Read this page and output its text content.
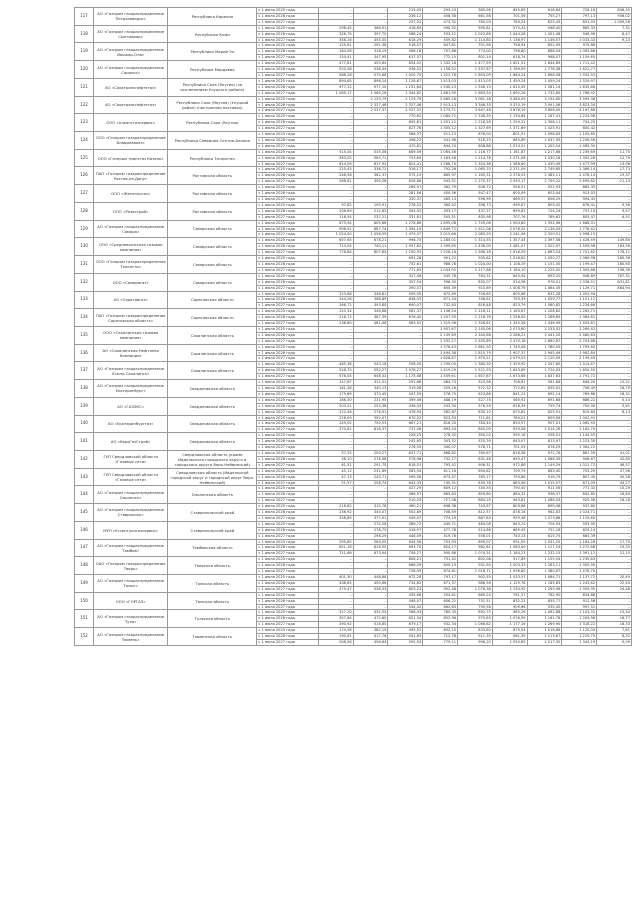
117	АО «Газпром газораспределение Петрозаводск»	Республика Карелия	с 1 июля 2025 года	–	–	215,05	293,23	385,96	645,85	616,64	728,16	836,30
			с 1 июля 2026 года	–	–	236,12	458,58	661,56	701,56	755,27	797,13	956,02
			с 1 июля 2027 года	–	–	257,52	473,32	780,03	789,24	825,43	831,03	1 009,26
118	АО «Газпром газораспределение Сыктывкар»	Республика Коми	с 1 июля 2025 года	298,45	368,91	418,89	490,52	595,81	575,43	948,40	865,33	7,31
			с 1 июля 2026 года	326,75	397,70	568,24	533,12	1 022,88	1 044,28	1 001,48	948,06	8,47
			с 1 июля 2027 года	358,16	455,50	618,29	559,82	1 114,80	1 136,97	1 146,57	1 033,33	9,23
119	АО «Газпром газораспределение Йошкар-Ола»	Республика Марий Эл	с 1 июля 2025 года	125,61	291,38	518,57	647,81	701,96	758,94	852,99	975,86	–
			с 1 июля 2026 года	184,06	318,19	566,18	707,86	773,00	796,80	888,04	1 063,86	–
			с 1 июля 2027 года	154,41	347,95	617,37	772,15	801,14	818,74	968,07	1 159,65	–
120	АО «Газпром газораспределение Саранск»	Республика Мордовия	с 1 июля 2025 года	477,81	455,64	854,02	1 342,16	1 477,59	1 621,51	1 644,89	1 711,42	–
			с 1 июля 2026 года	520,28	538,44	936,52	1 156,52	1 537,87	1 769,59	1 778,38	1 822,77	–
			с 1 июля 2027 года	568,28	570,66	1 020,79	1 322,78	1 694,09	1 864,24	1 898,58	1 932,55	–
121	АО «Сахатранснефтегаз»	Республика Саха (Якутия) (за исключением Улуцкого района)	с 1 июля 2025 года	894,65	896,14	1 128,67	1 413,03	1 413,03	1 459,24	1 459,24	1 529,97	–
			с 1 июля 2026 года	977,22	977,10	1 231,64	1 540,23	1 546,15	1 615,45	1 581,14	1 635,66	–
			с 1 июля 2027 года	1 065,17	1 065,26	1 344,62	1 681,90	1 663,54	1 692,26	1 732,60	1 788,92	–
122	АО «Сахатранснефтегаз»	Республика Саха (Якутия) (Улуцкий район) (постоянная поставка)	с 1 июля 2025 года	–	2 129,79	2 129,79	2 665,26	3 061,18	3 084,09	3 194,60	3 599,36	–
			с 1 июля 2026 года	–	2 327,46	2 327,46	2 913,13	3 346,33	3 370,19	3 491,06	3 823,34	–
			с 1 июля 2027 года	–	2 537,37	2 537,37	3 175,71	3 647,48	3 676,19	3 806,00	4 167,88	–
123	ООО «Альянсгазсервис»	Республика Саха (Якутия)	с 1 июля 2025 года	–	–	770,62	1 084,72	1 148,39	1 134,64	1 167,41	1 224,98	–
			с 1 июля 2026 года	–	–	805,81	1 201,12	1 218,28	1 259,31	1 308,11	734,25	–
			с 1 июля 2027 года	–	–	827,78	1 305,12	1 327,69	1 371,89	1 425,91	800,42	–
124	ООО «Газпром газораспределение Владикавказ»	Республика Северная Осетия-Алания	с 1 июля 2025 года	–	–	566,37	511,13	676,04	801,91	1 098,63	1 105,85	–
			с 1 июля 2026 года	–	–	396,22	541,98	516,53	885,89	1 037,95	1 206,56	–
			с 1 июля 2027 года	–	–	470,81	644,74	808,88	1 074,51	1 205,54	1 465,30	–
125	ООО «Газпром трансгаз Казань»	Республика Татарстан	с 1 июля 2025 года	515,04	535,36	689,49	1 064,36	1 116,77	1 161,87	1 217,86	1 239,69	11,70
			с 1 июля 2026 года	563,02	565,71	753,69	1 163,46	1 214,78	1 271,98	1 330,18	1 355,28	12,79
			с 1 июля 2027 года	614,09	617,92	822,41	1 268,70	1 324,38	1 386,60	1 450,49	1 477,99	13,96
126	ПАО «Газпром газораспределение Ростов-на-Дону»	Ростовская область	с 1 июля 2025 года	225,43	336,72	526,17	792,26	1 065,70	2 271,09	2 749,85	2 366,14	17,73
			с 1 июля 2026 года	246,56	362,37	575,19	865,97	1 165,31	2 378,53	2 485,11	2 476,14	19,37
			с 1 июля 2027 года	268,81	395,28	626,86	943,51	1 270,37	2 593,17	2 709,22	2 699,82	21,13
127	ООО «Железногаз»	Ростовская область	с 1 июля 2025 года	–	–	266,91	382,79	506,72	556,51	552,93	865,35	–
			с 1 июля 2026 года	–	–	281,56	400,56	547,47	600,09	603,44	913,03	–
			с 1 июля 2027 года	–	–	320,37	465,13	596,99	669,57	658,29	994,45	–
128	ООО «Резастрой»	Ростовская область	с 1 июля 2025 года	97,82	195,91	278,52	360,42	398,73	999,67	603,42	676,41	9,56
			с 1 июля 2026 года	106,89	212,62	304,42	393,17	437,27	699,82	724,24	737,15	9,57
			с 1 июля 2027 года	116,54	237,21	331,81	505,51	635,98	707,76	789,62	805,47	6,51
129	АО «Газпром газораспределение Самара»	Самарская область	с 1 июля 2025 года	873,94	805,66	1 278,86	1 695,08	1 749,08	1 904,60	1 954,06	1 688,01	–
			с 1 июля 2026 года	908,91	887,74	1 394,19	1 849,72	1 911,08	2 076,52	2 136,05	1 778,42	–
			с 1 июля 2027 года	1 024,50	1 056,59	1 479,37	2 015,66	2 083,20	2 241,06	2 329,51	1 998,15	–
130	ООО «Средневолжская газовая компания»	Самарская область	с 1 июля 2025 года	657,65	678,21	998,75	1 285,01	1 314,55	1 357,44	1 397,58	1 426,59	149,89
			с 1 июля 2026 года	714,04	740,11	1 097,82	1 399,85	1 436,09	1 481,07	1 522,97	1 559,98	163,56
			с 1 июля 2027 года	778,84	807,65	1 190,93	1 526,16	1 566,16	1 616,59	1 663,54	1 701,62	178,11
131	ООО «Газпром газораспределение Тольятти»	Самарская область	с 1 июля 2025 года	–	–	692,28	901,22	935,62	1 016,82	1 050,27	1 089,96	165,36
			с 1 июля 2026 года	–	–	752,81	988,28	1 024,00	1 108,29	1 151,50	1 199,47	180,60
			с 1 июля 2027 года	–	–	771,83	1 043,92	1 117,68	1 184,10	1 225,02	1 305,68	196,36
132	ООО «Самарагаз»	Самарская область	с 1 июля 2025 года	–	–	327,46	545,78	764,31	845,94	893,20	948,89	767,31
			с 1 июля 2026 года	–	–	357,54	596,30	835,07	924,58	976,01	1 036,51	831,81
			с 1 июля 2027 года	–	–	390,07	650,39	910,69	1 008,79	1 064,45	1 129,71	884,94
133	АО «Саратовгаз»	Саратовская область	с 1 июля 2025 года	223,86	346,81	599,95	672,89	708,65	805,66	831,28	1 052,94	–
			с 1 июля 2026 года	244,26	368,89	636,05	671,34	748,61	793,39	1 059,77	1 151,12	–
			с 1 июля 2027 года	266,72	393,80	690,07	732,83	816,48	823,79	1 080,82	1 226,66	–
134	ПАО «Газпром газораспределение Саратовская область»	Саратовская область	с 1 июля 2025 года	220,34	346,88	581,37	1 106,54	1 116,11	1 163,67	1 208,82	1 262,71	–
			с 1 июля 2026 года	216,72	387,39	676,40	1 207,35	1 218,78	1 258,00	1 266,65	1 364,81	–
			с 1 июля 2027 года	236,80	461,08	963,52	1 315,96	1 326,61	1 345,36	1 438,90	1 493,61	–
135	ООО «Сахалинская газовая компания»	Сахалинская область	с 1 июля 2025 года	–	–	–	1 957,67	2 145,06	2 073,60	2 233,52	2 269,42	–
			с 1 июля 2026 года	–	–	–	2 139,69	2 344,86	2 266,21	2 441,20	2 480,63	–
			с 1 июля 2027 года	–	–	–	2 332,27	2 555,89	2 470,18	2 660,87	2 703,88	–
136	АО «Сахалинская Нефтяная Компания»	Сахалинская область	с 1 июля 2025 года	–	–	–	1 376,43	1 661,50	1 745,08	1 780,05	1 795,60	–
			с 1 июля 2026 года	–	–	–	1 494,38	1 815,79	1 907,37	1 945,49	1 962,84	–
			с 1 июля 2027 года	–	–	–	1 628,87	1 979,21	2 079,03	2 120,59	2 139,49	–
137	АО «Газпром газораспределение Южно-Сахалинск»	Сахалинская область	с 1 июля 2025 года	485,38	543,18	558,00	1 299,00	1 380,30	1 329,92	1 547,80	1 514,67	–
			с 1 июля 2026 года	528,75	592,27	1 078,27	1 419,29	1 521,93	1 643,89	1 720,03	1 650,50	–
			с 1 июля 2027 года	576,05	646,32	1 175,08	1 559,61	1 657,87	1 673,68	1 837,63	1 791,72	–
138	АО «Газпром газораспределение Екатеринбург»	Свердловская область	с 1 июля 2025 года	147,67	311,51	291,66	484,73	523,98	708,81	581,86	646,20	15,21
			с 1 июля 2026 года	161,28	340,13	319,08	529,16	572,32	772,85	635,02	708,49	16,79
			с 1 июля 2027 года	175,69	370,45	347,59	576,75	623,86	841,23	692,14	769,86	18,31
139	АО «ГАЗЭКС»	Свердловская область	с 1 июля 2025 года	186,30	231,95	399,46	488,19	527,75	565,92	691,68	686,22	5,14
			с 1 июля 2026 года	203,51	253,38	436,43	533,34	576,59	618,39	755,74	750,00	5,61
			с 1 июля 2027 года	222,46	276,91	476,94	582,87	630,10	675,82	825,91	819,64	6,13
140	АО «Екатеринбурггаз»	Свердловская область	с 1 июля 2025 года	228,09	592,07	670,02	623,53	711,81	789,22	859,06	1 002,91	–
			с 1 июля 2026 года	249,02	750,53	667,21	816,20	784,44	850,57	907,01	1 065,55	–
			с 1 июля 2027 года	270,81	818,37	737,06	893,44	845,00	929,08	1 014,26	1 162,74	–
141	АО «ЕвроГазСтрой»	Свердловская область	с 1 июля 2025 года	–	–	228,25	278,32	390,02	595,16	556,01	1 144,55	–
			с 1 июля 2026 года	–	–	242,65	303,52	525,39	643,07	613,97	1 223,35	–
			с 1 июля 2027 года	–	–	276,55	340,07	578,71	701,53	676,29	1 364,22	–
142	ГУП Свердловской области «Газовые сети»	Свердловская область (кроме Ивдельского городского округа и городского округа Верх-Нейвинский)	с 1 июля 2025 года	57,25	250,27	637,71	668,82	760,67	816,58	971,76	887,59	41,01
			с 1 июля 2026 года	58,10	276,98	576,96	732,17	831,46	893,47	1 066,35	948,67	42,85
			с 1 июля 2027 года	61,51	291,75	618,31	793,42	906,31	972,88	1 149,29	1 011,72	46,57
143	ГУП Свердловской области «Газовые сети»	Свердловская область (Ивдельский городской округ и городской округ Верх-Нейвинский)	с 1 июля 2025 года	45,12	231,69	583,94	611,16	694,62	709,79	863,40	753,29	37,96
			с 1 июля 2026 года	47,13	243,71	599,56	673,47	765,17	793,86	918,79	807,40	40,58
			с 1 июля 2027 года	51,97	258,74	642,33	740,31	839,78	883,56	1 015,57	871,09	43,27
144	АО «Газпром газораспределение Смоленск»	Смоленская область	с 1 июля 2025 года	–	–	427,29	609,12	740,93	790,40	911,56	771,32	15,29
			с 1 июля 2026 года	–	–	466,97	665,83	809,80	864,32	996,37	842,85	16,64
			с 1 июля 2027 года	–	–	510,03	727,08	884,24	943,81	1 088,03	920,58	18,18
145	АО «Газпром газораспределение Ставрополь»	Ставропольский край	с 1 июля 2025 года	216,82	315,78	460,21	648,38	743,67	803,68	899,48	937,80	–
			с 1 июля 2026 года	236,92	345,07	502,89	708,59	812,57	878,16	982,83	1 024,71	–
			с 1 июля 2027 года	258,85	377,01	549,47	774,19	887,83	959,48	1 073,86	1 119,60	–
146	МУП «Ессентукигазсервис»	Ставропольский край	с 1 июля 2025 года	–	274,58	389,72	449,71	484,08	643,23	704,93	593,95	–
			с 1 июля 2026 года	–	278,75	416,97	477,78	514,86	685,45	751,18	629,14	–
			с 1 июля 2027 года	–	298,29	448,09	519,76	558,01	743,13	815,75	684,39	–
147	АО «Газпром газораспределение Тамбов»	Тамбовская область	с 1 июля 2025 года	595,85	564,05	634,56	753,93	899,07	991,09	1 031,20	1 164,26	17,70
			с 1 июля 2026 года	651,28	616,55	693,70	824,17	982,81	1 083,40	1 127,24	1 272,68	19,35
			с 1 июля 2027 года	711,86	673,94	758,27	900,86	1 074,31	1 184,23	1 232,15	1 391,12	21,15
148	ОАО «Газпром газораспределение Тверь»	Тверская область	с 1 июля 2025 года	–	–	608,21	731,42	852,08	917,89	1 155,54	1 235,83	–
			с 1 июля 2026 года	–	–	666,09	800,13	931,94	1 003,33	1 263,11	1 350,90	–
			с 1 июля 2027 года	–	–	728,09	874,61	1 018,71	1 096,80	1 380,67	1 476,70	–
149	АО «Газпром газораспределение Томск»	Томская область	с 1 июля 2025 года	401,30	448,88	672,28	797,17	902,55	1 033,57	1 084,71	1 137,72	20,49
			с 1 июля 2026 года	438,65	490,66	734,82	871,37	986,56	1 129,78	1 185,63	1 243,62	22,40
			с 1 июля 2027 года	479,47	536,33	803,23	952,48	1 078,38	1 234,92	1 295,98	1 359,35	24,48
150	ООО «ГОРГАЗ»	Томская область	с 1 июля 2025 года	–	–	455,66	554,61	669,24	761,37	782,90	834,88	–
			с 1 июля 2026 года	–	–	498,07	606,22	731,51	832,22	855,77	912,58	–
			с 1 июля 2027 года	–	–	544,42	662,63	799,58	909,66	935,40	997,51	–
151	АО «Газпром газораспределение Тула»	Тульская область	с 1 июля 2025 года	327,20	432,55	568,43	780,35	892,75	985,26	1 062,88	1 103,31	15,34
			с 1 июля 2026 года	357,64	472,80	621,34	852,96	975,83	1 076,95	1 161,78	1 205,98	16,77
			с 1 июля 2027 года	390,92	516,80	679,17	932,34	1 066,62	1 177,16	1 269,90	1 318,22	18,33
152	АО «Газпром газораспределение Тюмень»	Тюменская область	с 1 июля 2025 года	174,56	382,19	495,52	652,10	833,80	879,54	1 018,86	1 125,05	7,61
			с 1 июля 2026 года	190,81	417,76	541,63	712,78	911,39	961,39	1 113,67	1 229,75	8,32
			с 1 июля 2027 года	208,56	456,64	592,04	779,11	996,20	1 050,85	1 217,30	1 344,19	9,09
